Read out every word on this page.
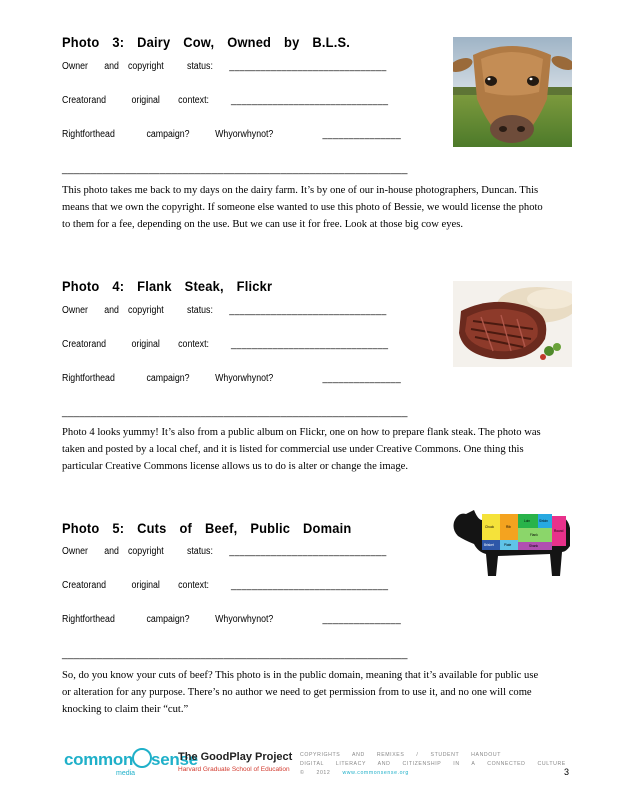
Photo 3: Dairy Cow, Owned by B.L.S.
Owner and copyright status: ______________________________
Creatorand	original context: ______________________________
Rightforthead	campaign?	Whyorwhynot?	_______________
____________________________________________________________
This photo takes me back to my days on the dairy farm. It’s by one of our in-house photographers, Duncan. This means that we own the copyright. If someone else wanted to use this photo of Bessie, we would license the photo to them for a fee, depending on the use. But we can use it for free. Look at those big cow eyes.
Photo 4: Flank Steak, Flickr
Owner and copyright status: ______________________________
Creatorand	original context: ______________________________
Rightforthead	campaign?	Whyorwhynot?	_______________
____________________________________________________________
Photo 4 looks yummy! It’s also from a public album on Flickr, one on how to prepare flank steak. The photo was taken and posted by a local chef, and it is listed for commercial use under Creative Commons. One thing this particular Creative Commons license allows us to do is alter or change the image.
Photo 5: Cuts of Beef, Public Domain
Owner and copyright status: ______________________________
Creatorand	original context: ______________________________
Rightforthead	campaign?	Whyorwhynot?	_______________
____________________________________________________________
So, do you know your cuts of beef? This photo is in the public domain, meaning that it’s available for public use or alteration for any purpose. There’s no author we need to get permission from to use it, and no one will come knocking to claim their “cut.”
Chuck	Rib
Loin	Sirloin
Round
Brisket	Plate
Flank
Shank
common sense
media
The GoodPlay Project
Harvard Graduate School of Education
COPYRIGHTS AND REMIXES / STUDENT HANDOUT
DIGITAL LITERACY AND CITIZENSHIP IN A CONNECTED CULTURE
© 2012 www.commonsense.org	3
